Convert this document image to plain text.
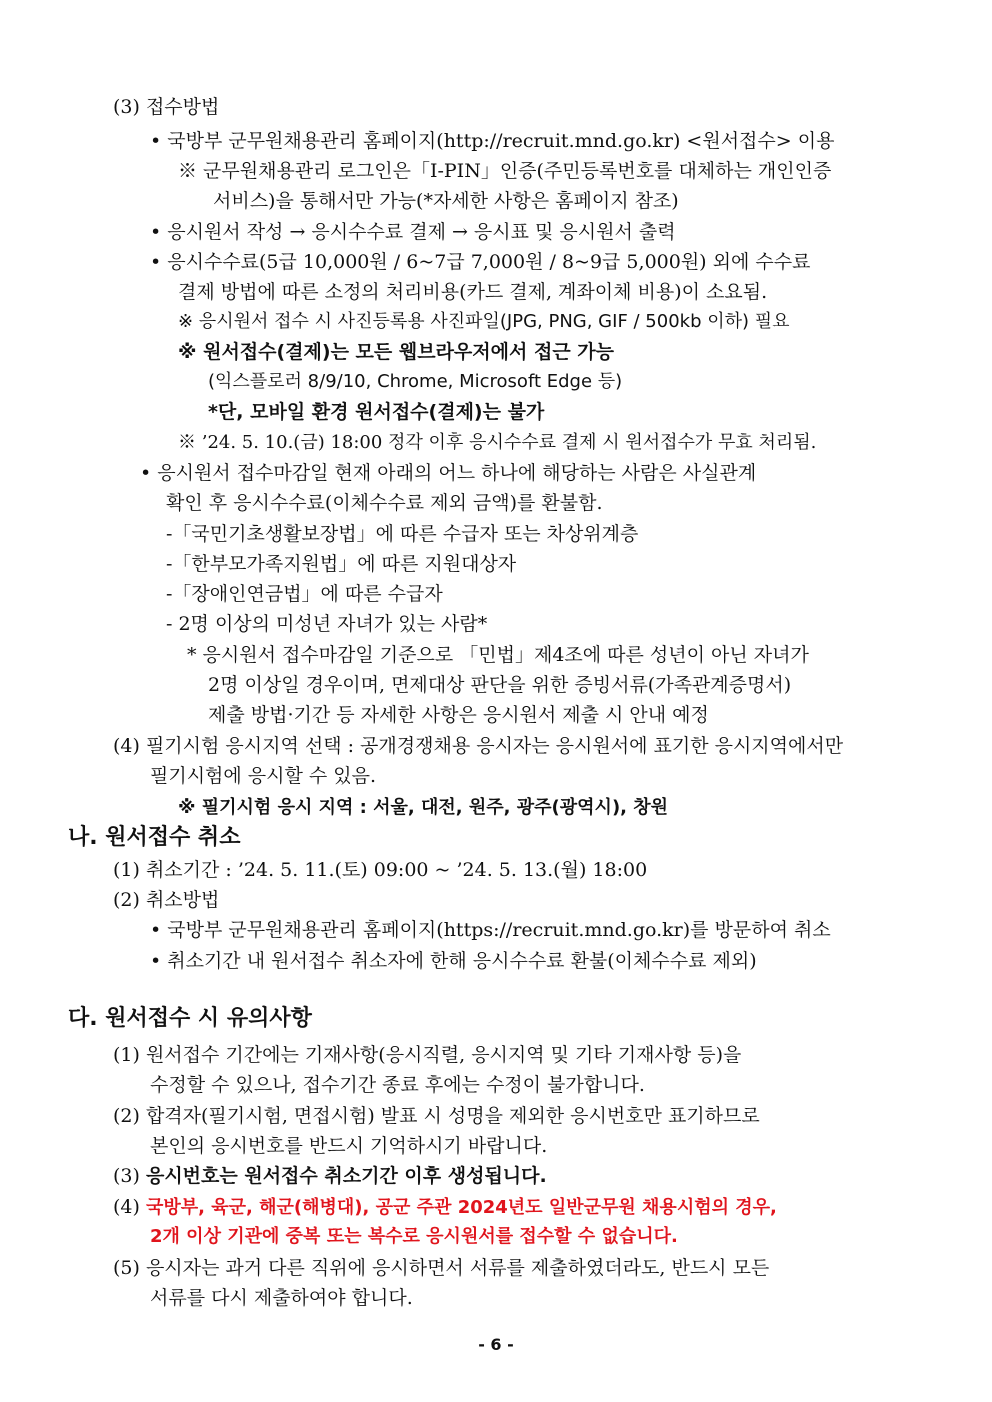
(3) 접수방법
• 국방부 군무원채용관리 홈페이지(http://recruit.mnd.go.kr) <원서접수> 이용
※ 군무원채용관리 로그인은「I-PIN」인증(주민등록번호를 대체하는 개인인증
서비스)을 통해서만 가능(*자세한 사항은 홈페이지 참조)
• 응시원서 작성 → 응시수수료 결제 → 응시표 및 응시원서 출력
• 응시수수료(5급 10,000원 / 6~7급 7,000원 / 8~9급 5,000원) 외에 수수료
결제 방법에 따른 소정의 처리비용(카드 결제, 계좌이체 비용)이 소요됨.
※ 응시원서 접수 시 사진등록용 사진파일(JPG, PNG, GIF / 500kb 이하) 필요
※ 원서접수(결제)는 모든 웹브라우저에서 접근 가능
(익스플로러 8/9/10, Chrome, Microsoft Edge 등)
*단, 모바일 환경 원서접수(결제)는 불가
※ ’24. 5. 10.(금) 18:00 정각 이후 응시수수료 결제 시 원서접수가 무효 처리됨.
• 응시원서 접수마감일 현재 아래의 어느 하나에 해당하는 사람은 사실관계
확인 후 응시수수료(이체수수료 제외 금액)를 환불함.
-「국민기초생활보장법」에 따른 수급자 또는 차상위계층
-「한부모가족지원법」에 따른 지원대상자
-「장애인연금법」에 따른 수급자
- 2명 이상의 미성년 자녀가 있는 사람*
* 응시원서 접수마감일 기준으로 「민법」제4조에 따른 성년이 아닌 자녀가
2명 이상일 경우이며, 면제대상 판단을 위한 증빙서류(가족관계증명서)
제출 방법·기간 등 자세한 사항은 응시원서 제출 시 안내 예정
(4) 필기시험 응시지역 선택 : 공개경쟁채용 응시자는 응시원서에 표기한 응시지역에서만
필기시험에 응시할 수 있음.
※ 필기시험 응시 지역 : 서울, 대전, 원주, 광주(광역시), 창원
나. 원서접수 취소
(1) 취소기간 : ’24. 5. 11.(토) 09:00 ~ ’24. 5. 13.(월) 18:00
(2) 취소방법
• 국방부 군무원채용관리 홈페이지(https://recruit.mnd.go.kr)를 방문하여 취소
• 취소기간 내 원서접수 취소자에 한해 응시수수료 환불(이체수수료 제외)
다. 원서접수 시 유의사항
(1) 원서접수 기간에는 기재사항(응시직렬, 응시지역 및 기타 기재사항 등)을
수정할 수 있으나, 접수기간 종료 후에는 수정이 불가합니다.
(2) 합격자(필기시험, 면접시험) 발표 시 성명을 제외한 응시번호만 표기하므로
본인의 응시번호를 반드시 기억하시기 바랍니다.
(3) 응시번호는 원서접수 취소기간 이후 생성됩니다.
(4) 국방부, 육군, 해군(해병대), 공군 주관 2024년도 일반군무원 채용시험의 경우,
2개 이상 기관에 중복 또는 복수로 응시원서를 접수할 수 없습니다.
(5) 응시자는 과거 다른 직위에 응시하면서 서류를 제출하였더라도, 반드시 모든
서류를 다시 제출하여야 합니다.
- 6 -
